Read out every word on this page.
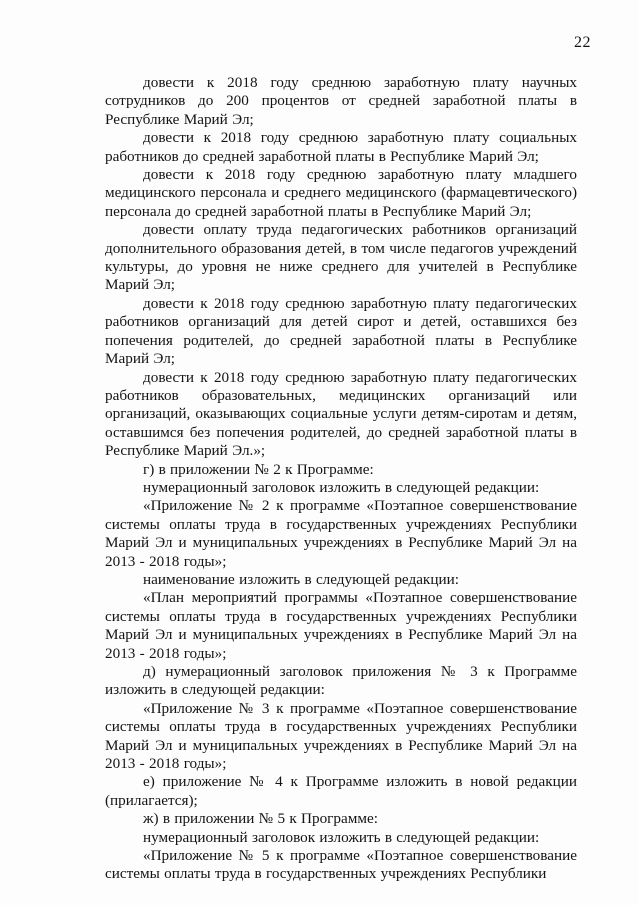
22

довести к 2018 году среднюю заработную плату научных сотрудников до 200 процентов от средней заработной платы в Республике Марий Эл;

довести к 2018 году среднюю заработную плату социальных работников до средней заработной платы в Республике Марий Эл;

довести к 2018 году среднюю заработную плату младшего медицинского персонала и среднего медицинского (фармацевтического) персонала до средней заработной платы в Республике Марий Эл;

довести оплату труда педагогических работников организаций дополнительного образования детей, в том числе педагогов учреждений культуры, до уровня не ниже среднего для учителей в Республике Марий Эл;

довести к 2018 году среднюю заработную плату педагогических работников организаций для детей сирот и детей, оставшихся без попечения родителей, до средней заработной платы в Республике Марий Эл;

довести к 2018 году среднюю заработную плату педагогических работников образовательных, медицинских организаций или организаций, оказывающих социальные услуги детям-сиротам и детям, оставшимся без попечения родителей, до средней заработной платы в Республике Марий Эл.»;

г) в приложении № 2 к Программе:

нумерационный заголовок изложить в следующей редакции:

«Приложение № 2 к программе «Поэтапное совершенствование системы оплаты труда в государственных учреждениях Республики Марий Эл и муниципальных учреждениях в Республике Марий Эл на 2013 - 2018 годы»;

наименование изложить в следующей редакции:

«План мероприятий программы «Поэтапное совершенствование системы оплаты труда в государственных учреждениях Республики Марий Эл и муниципальных учреждениях в Республике Марий Эл на 2013 - 2018 годы»;

д) нумерационный заголовок приложения № 3 к Программе изложить в следующей редакции:

«Приложение № 3 к программе «Поэтапное совершенствование системы оплаты труда в государственных учреждениях Республики Марий Эл и муниципальных учреждениях в Республике Марий Эл на 2013 - 2018 годы»;

е) приложение № 4 к Программе изложить в новой редакции (прилагается);

ж) в приложении № 5 к Программе:

нумерационный заголовок изложить в следующей редакции:

«Приложение № 5 к программе «Поэтапное совершенствование системы оплаты труда в государственных учреждениях Республики
